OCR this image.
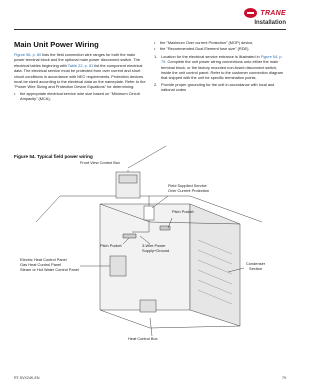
TRANE
Installation
Main Unit Power Wiring
Figure 56, p. 80 lists the field connection wire ranges for both the main power terminal block and the optional main power disconnect switch. The electrical tables beginning with Table 22, p. 81 list the component electrical data. The electrical service must be protected from over current and short circuit conditions in accordance with NEC requirements. Protection devices must be sized according to the electrical data on the nameplate. Refer to the "Power Wire Sizing and Protection Device Equations" for determining:
• the appropriate electrical service wire size based on "Minimum Circuit Ampacity" (MCA),
• the "Maximum Over current Protection" (MOP) device,
• the "Recommended Dual Element fuse size" (RDE).
1. Location for the electrical service entrance is illustrated in Figure 54, p. 79. Complete the unit power wiring connections onto either the main terminal block, or the factory mounted non-fused disconnect switch, inside the unit control panel. Refer to the customer connection diagram that shipped with the unit for specific termination points.
2. Provide proper grounding for the unit in accordance with local and national codes
Figure 54. Typical field power wiring
Front View Control Box
Field Supplied Service
Over Current Protection
Pitch Pocket
Pitch Pocket	3-Wire Power
Supply+Ground
Electric Heat Control Panel
Gas Heat Control Panel
Steam or Hot Water Control Panel
Condenser
Section
Heat Control Box
RT-SVX24K-EN	79
